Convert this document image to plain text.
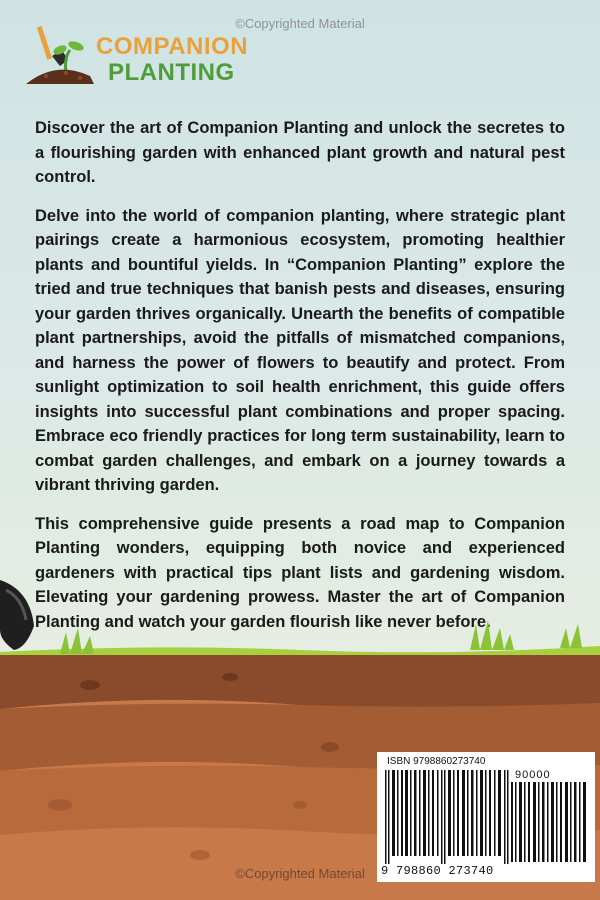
©Copyrighted Material
COMPANION
PLANTING

Discover the art of Companion Planting and unlock the secretes to a flourishing garden with enhanced plant growth and natural pest control.

Delve into the world of companion planting, where strategic plant pairings create a harmonious ecosystem, promoting healthier plants and bountiful yields. In “Companion Planting” explore the tried and true techniques that banish pests and diseases, ensuring your garden thrives organically. Unearth the benefits of compatible plant partnerships, avoid the pitfalls of mismatched companions, and harness the power of flowers to beautify and protect. From sunlight optimization to soil health enrichment, this guide offers insights into successful plant combinations and proper spacing. Embrace eco friendly practices for long term sustainability, learn to combat garden challenges, and embark on a journey towards a vibrant thriving garden.

This comprehensive guide presents a road map to Companion Planting wonders, equipping both novice and experienced gardeners with practical tips plant lists and gardening wisdom. Elevating your gardening prowess. Master the art of Companion Planting and watch your garden flourish like never before.

ISBN 9798860273740
90000
9 798860 273740
©Copyrighted Material
